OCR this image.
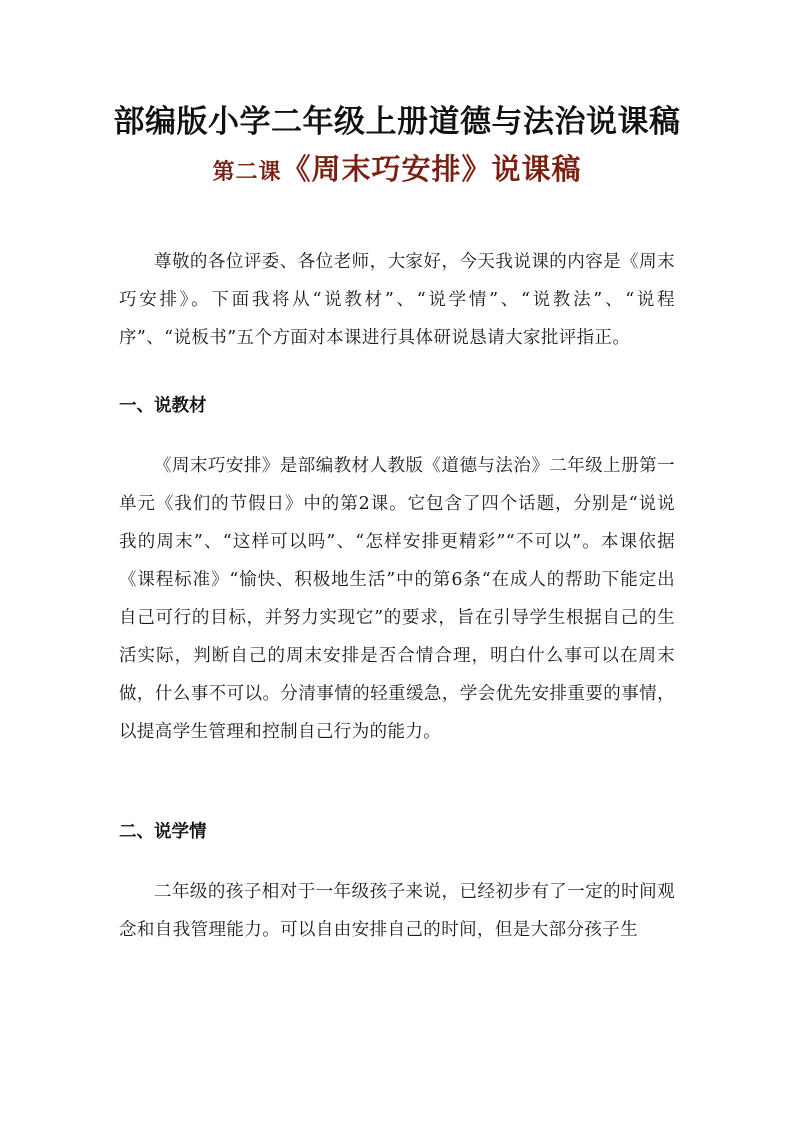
部编版小学二年级上册道德与法治说课稿
第二课《周末巧安排》说课稿

尊敬的各位评委、各位老师，大家好，今天我说课的内容是《周末巧安排》。下面我将从“说教材”、“说学情”、“说教法”、“说程序”、“说板书”五个方面对本课进行具体研说恳请大家批评指正。

一、说教材

《周末巧安排》是部编教材人教版《道德与法治》二年级上册第一单元《我们的节假日》中的第2课。它包含了四个话题，分别是“说说我的周末”、“这样可以吗”、“怎样安排更精彩”“不可以”。本课依据《课程标准》“愉快、积极地生活”中的第6条“在成人的帮助下能定出自己可行的目标，并努力实现它”的要求，旨在引导学生根据自己的生活实际，判断自己的周末安排是否合情合理，明白什么事可以在周末做，什么事不可以。分清事情的轻重缓急，学会优先安排重要的事情，以提高学生管理和控制自己行为的能力。

二、说学情

二年级的孩子相对于一年级孩子来说，已经初步有了一定的时间观念和自我管理能力。可以自由安排自己的时间，但是大部分孩子生
